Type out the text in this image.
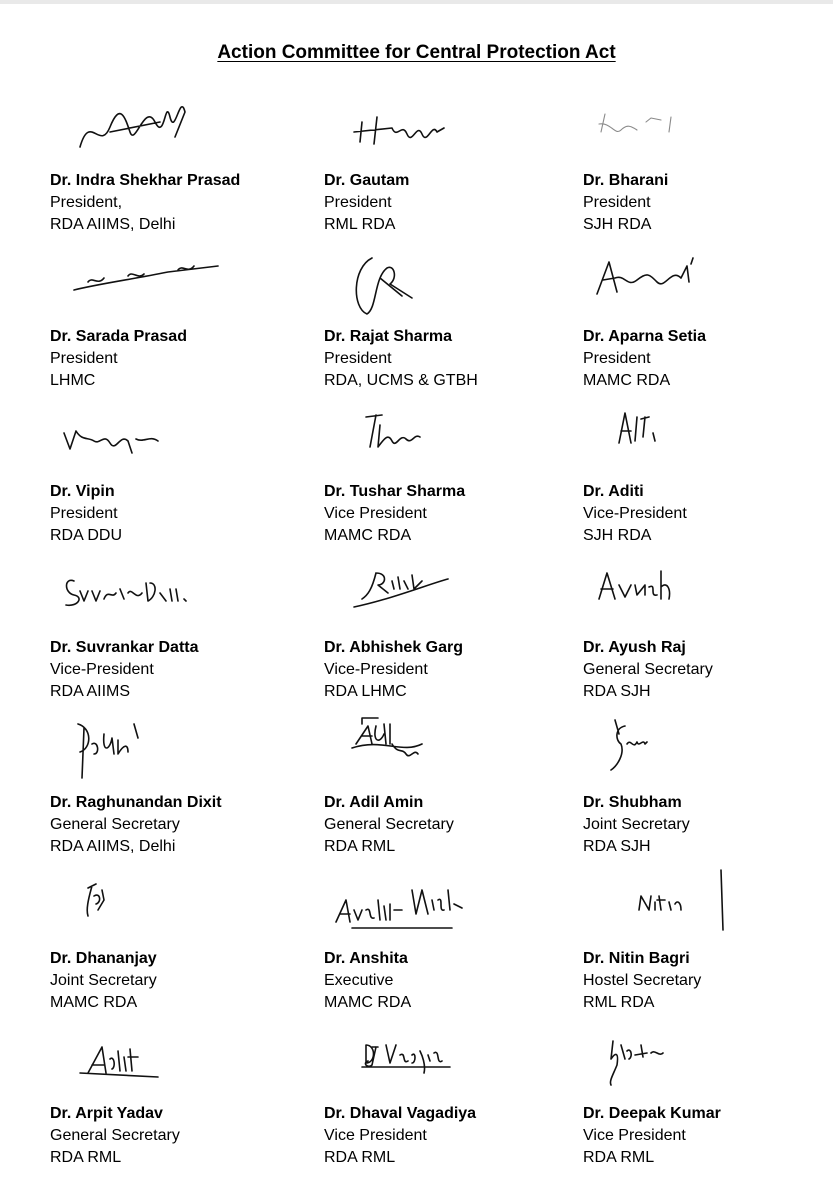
Action Committee for Central Protection Act
Dr. Indra Shekhar Prasad
President,
RDA AIIMS, Delhi
Dr. Gautam
President
RML RDA
Dr. Bharani
President
SJH RDA
Dr. Sarada Prasad
President
LHMC
Dr. Rajat Sharma
President
RDA, UCMS & GTBH
Dr. Aparna Setia
President
MAMC RDA
Dr. Vipin
President
RDA DDU
Dr. Tushar Sharma
Vice President
MAMC RDA
Dr. Aditi
Vice-President
SJH RDA
Dr. Suvrankar Datta
Vice-President
RDA AIIMS
Dr. Abhishek Garg
Vice-President
RDA LHMC
Dr. Ayush Raj
General Secretary
RDA SJH
Dr. Raghunandan Dixit
General Secretary
RDA AIIMS, Delhi
Dr. Adil Amin
General Secretary
RDA RML
Dr. Shubham
Joint Secretary
RDA SJH
Dr. Dhananjay
Joint Secretary
MAMC RDA
Dr. Anshita
Executive
MAMC RDA
Dr. Nitin Bagri
Hostel Secretary
RML RDA
Dr. Arpit Yadav
General Secretary
RDA RML
Dr. Dhaval Vagadiya
Vice President
RDA RML
Dr. Deepak Kumar
Vice President
RDA RML
